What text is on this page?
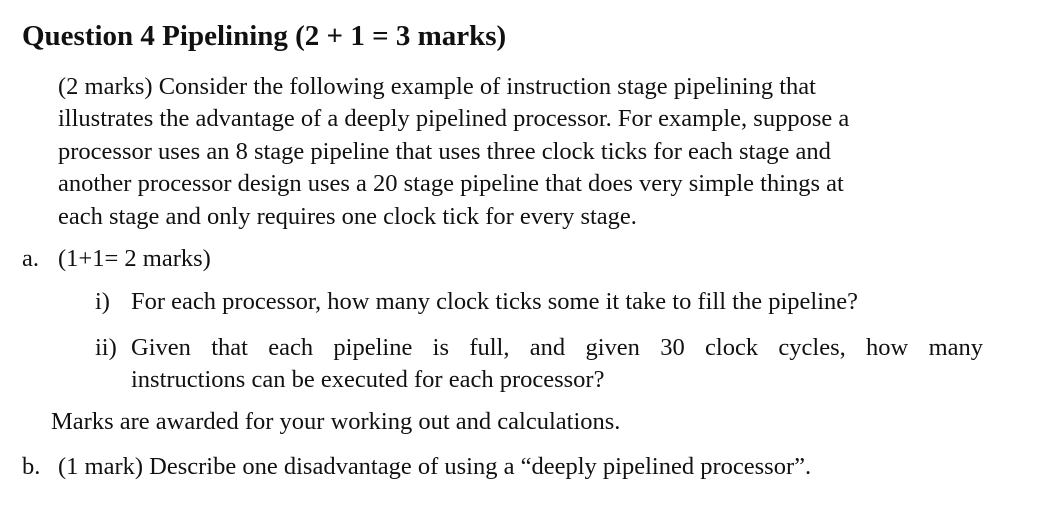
Question 4 Pipelining (2 + 1 = 3 marks)
(2 marks) Consider the following example of instruction stage pipelining that
illustrates the advantage of a deeply pipelined processor. For example, suppose a
processor uses an 8 stage pipeline that uses three clock ticks for each stage and
another processor design uses a 20 stage pipeline that does very simple things at
each stage and only requires one clock tick for every stage.
a. (1+1= 2 marks)
i) For each processor, how many clock ticks some it take to fill the pipeline?
ii) Given that each pipeline is full, and given 30 clock cycles, how many
instructions can be executed for each processor?
Marks are awarded for your working out and calculations.
b. (1 mark) Describe one disadvantage of using a “deeply pipelined processor”.
